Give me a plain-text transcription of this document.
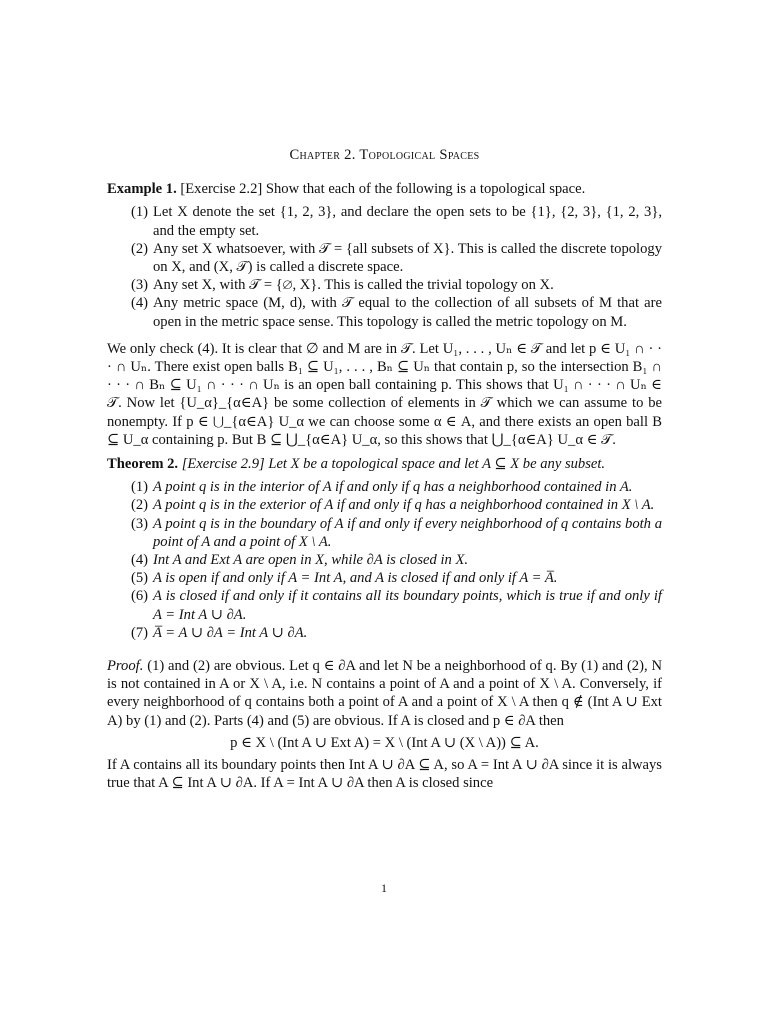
Chapter 2. Topological Spaces

Example 1. [Exercise 2.2] Show that each of the following is a topological space.

(1) Let X denote the set {1, 2, 3}, and declare the open sets to be {1}, {2, 3}, {1, 2, 3}, and the empty set.
(2) Any set X whatsoever, with 𝒯 = {all subsets of X}. This is called the discrete topology on X, and (X, 𝒯) is called a discrete space.
(3) Any set X, with 𝒯 = {∅, X}. This is called the trivial topology on X.
(4) Any metric space (M, d), with 𝒯 equal to the collection of all subsets of M that are open in the metric space sense. This topology is called the metric topology on M.

We only check (4). It is clear that ∅ and M are in 𝒯. Let U₁, . . . , Uₙ ∈ 𝒯 and let p ∈ U₁ ∩ · · · ∩ Uₙ. There exist open balls B₁ ⊆ U₁, . . . , Bₙ ⊆ Uₙ that contain p, so the intersection B₁ ∩ · · · ∩ Bₙ ⊆ U₁ ∩ · · · ∩ Uₙ is an open ball containing p. This shows that U₁ ∩ · · · ∩ Uₙ ∈ 𝒯. Now let {U_α}_{α∈A} be some collection of elements in 𝒯 which we can assume to be nonempty. If p ∈ ⋃_{α∈A} U_α we can choose some α ∈ A, and there exists an open ball B ⊆ U_α containing p. But B ⊆ ⋃_{α∈A} U_α, so this shows that ⋃_{α∈A} U_α ∈ 𝒯.

Theorem 2. [Exercise 2.9] Let X be a topological space and let A ⊆ X be any subset.

(1) A point q is in the interior of A if and only if q has a neighborhood contained in A.
(2) A point q is in the exterior of A if and only if q has a neighborhood contained in X \ A.
(3) A point q is in the boundary of A if and only if every neighborhood of q contains both a point of A and a point of X \ A.
(4) Int A and Ext A are open in X, while ∂A is closed in X.
(5) A is open if and only if A = Int A, and A is closed if and only if A = A̅.
(6) A is closed if and only if it contains all its boundary points, which is true if and only if A = Int A ∪ ∂A.
(7) A̅ = A ∪ ∂A = Int A ∪ ∂A.

Proof. (1) and (2) are obvious. Let q ∈ ∂A and let N be a neighborhood of q. By (1) and (2), N is not contained in A or X \ A, i.e. N contains a point of A and a point of X \ A. Conversely, if every neighborhood of q contains both a point of A and a point of X \ A then q ∉ (Int A ∪ Ext A) by (1) and (2). Parts (4) and (5) are obvious. If A is closed and p ∈ ∂A then

p ∈ X \ (Int A ∪ Ext A) = X \ (Int A ∪ (X \ A)) ⊆ A.

If A contains all its boundary points then Int A ∪ ∂A ⊆ A, so A = Int A ∪ ∂A since it is always true that A ⊆ Int A ∪ ∂A. If A = Int A ∪ ∂A then A is closed since

1
